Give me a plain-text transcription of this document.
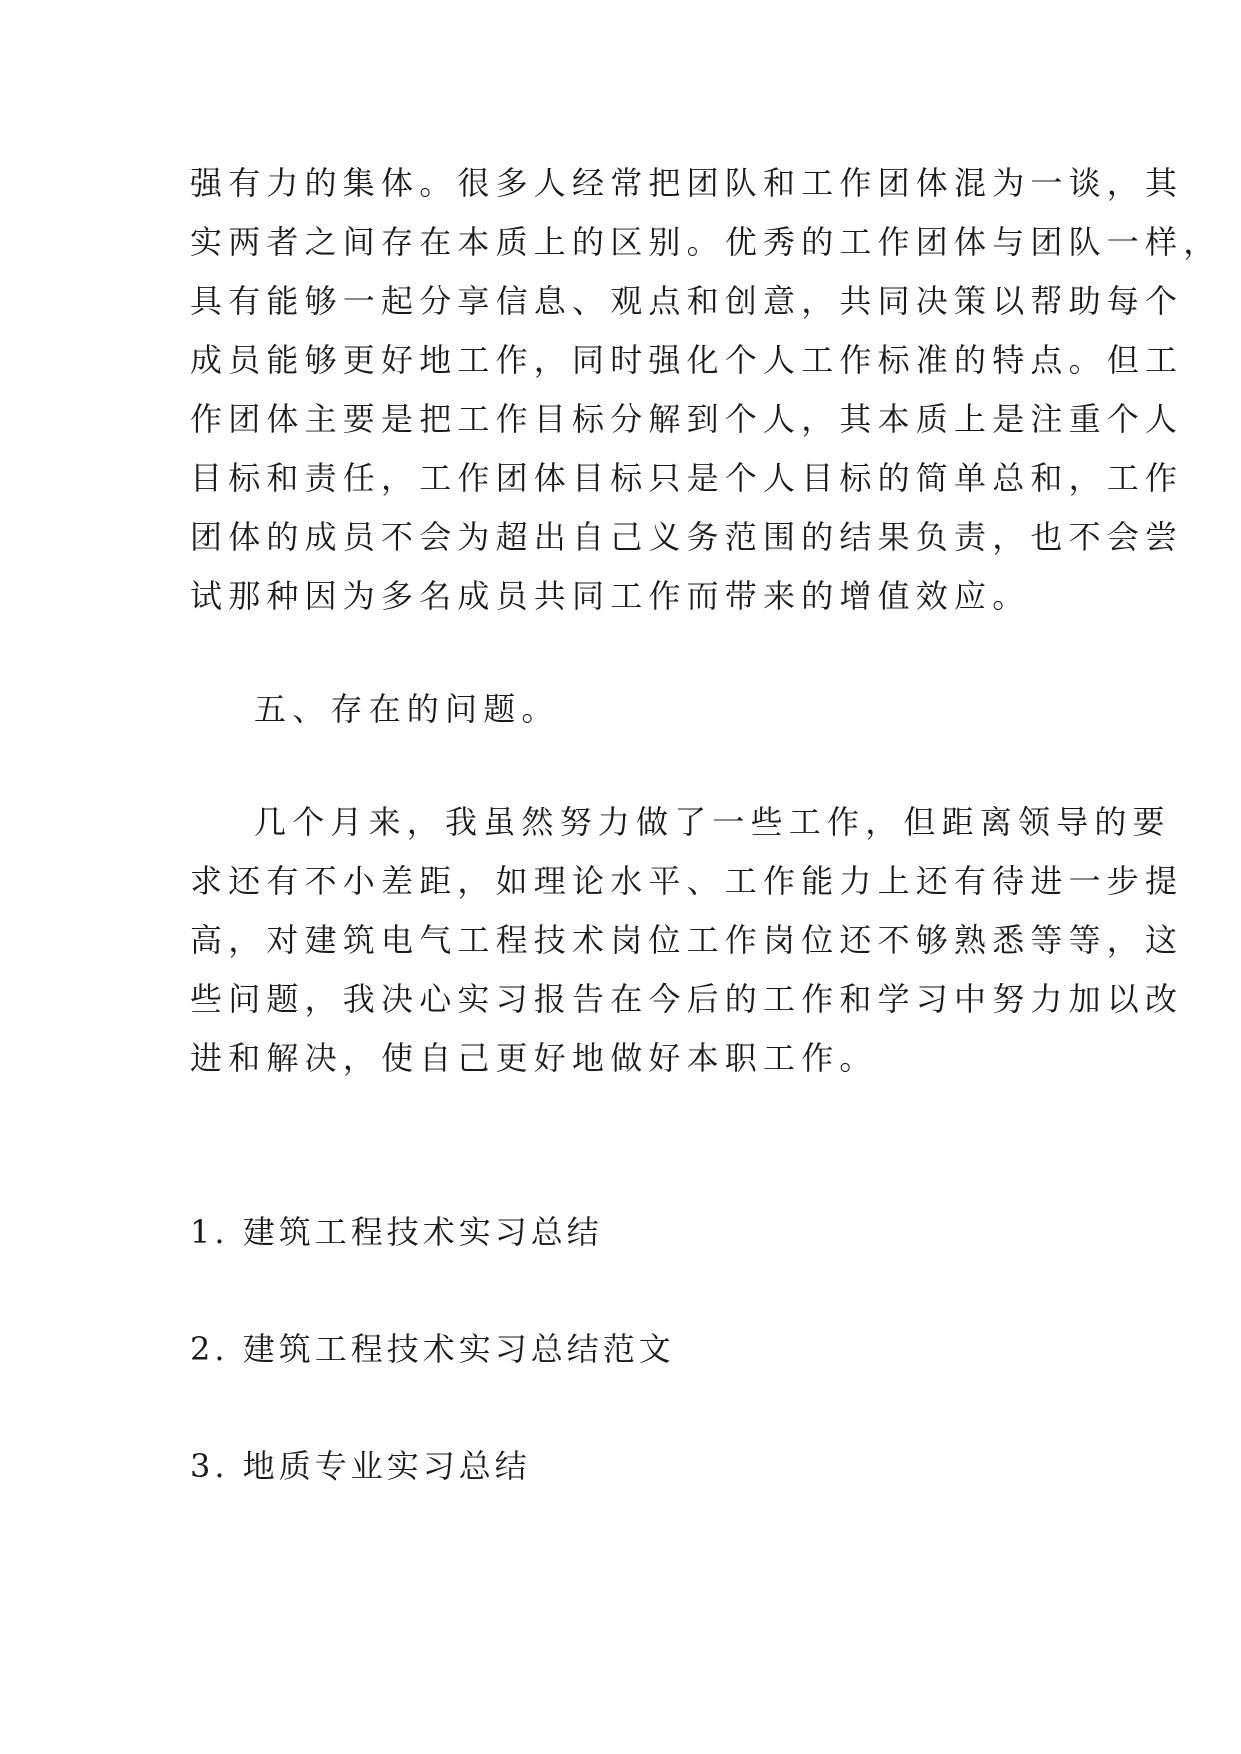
强有力的集体。很多人经常把团队和工作团体混为一谈，其
实两者之间存在本质上的区别。优秀的工作团体与团队一样，
具有能够一起分享信息、观点和创意，共同决策以帮助每个
成员能够更好地工作，同时强化个人工作标准的特点。但工
作团体主要是把工作目标分解到个人，其本质上是注重个人
目标和责任，工作团体目标只是个人目标的简单总和，工作
团体的成员不会为超出自己义务范围的结果负责，也不会尝
试那种因为多名成员共同工作而带来的增值效应。
五、存在的问题。
几个月来，我虽然努力做了一些工作，但距离领导的要
求还有不小差距，如理论水平、工作能力上还有待进一步提
高，对建筑电气工程技术岗位工作岗位还不够熟悉等等，这
些问题，我决心实习报告在今后的工作和学习中努力加以改
进和解决，使自己更好地做好本职工作。
1. 建筑工程技术实习总结
2. 建筑工程技术实习总结范文
3. 地质专业实习总结
